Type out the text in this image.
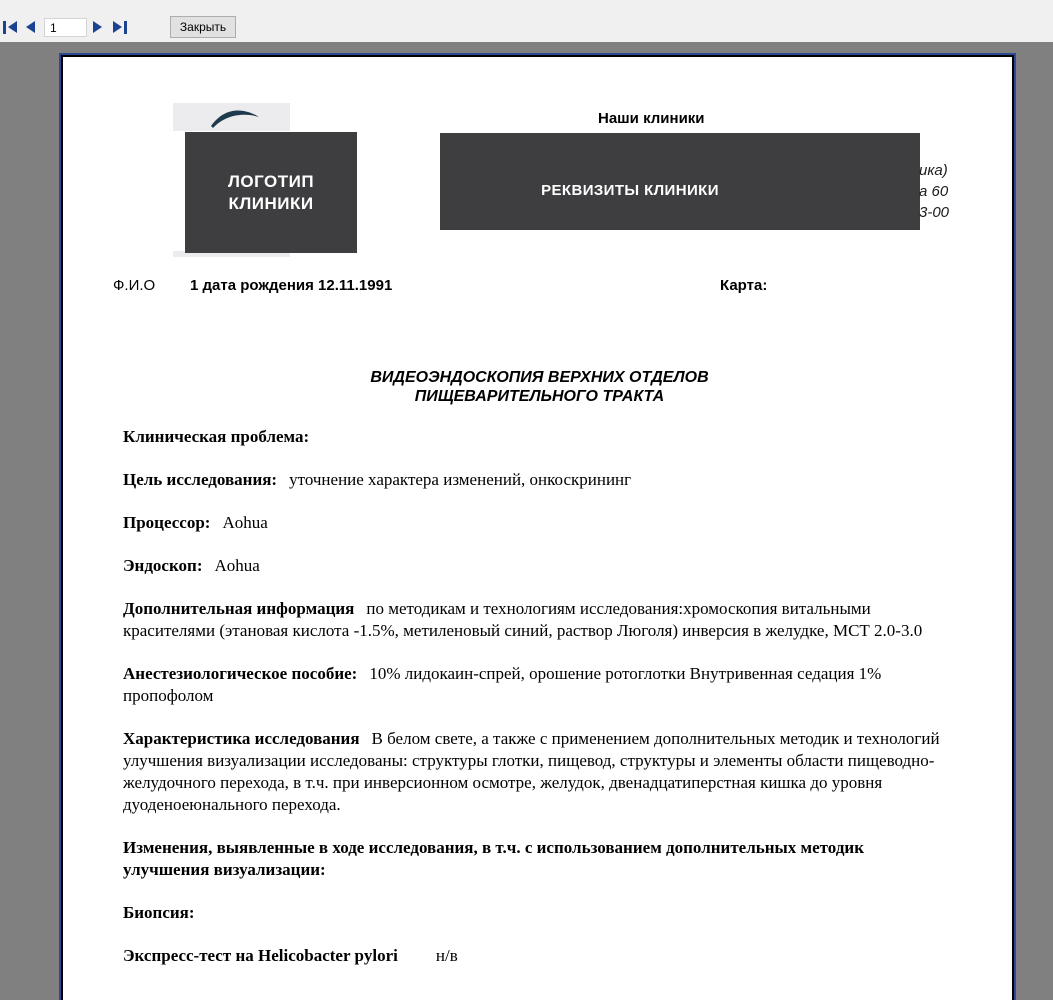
1
Закрыть
Наши клиники
ЛОГОТИП
КЛИНИКИ
РЕКВИЗИТЫ КЛИНИКИ
ика)
а 60
3-00
Ф.И.О 1 дата рождения 12.11.1991	Карта:
ВИДЕОЭНДОСКОПИЯ ВЕРХНИХ ОТДЕЛОВ
ПИЩЕВАРИТЕЛЬНОГО ТРАКТА

Клиническая проблема:

Цель исследования: уточнение характера изменений, онкоскрининг

Процессор: Aohua

Эндоскоп: Aohua

Дополнительная информация по методикам и технологиям исследования:хромоскопия витальными красителями (этановая кислота -1.5%, метиленовый синий, раствор Люголя) инверсия в желудке, МСТ 2.0-3.0

Анестезиологическое пособие: 10% лидокаин-спрей, орошение ротоглотки Внутривенная седация 1% пропофолом

Характеристика исследования В белом свете, а также с применением дополнительных методик и технологий улучшения визуализации исследованы: структуры глотки, пищевод, структуры и элементы области пищеводно-желудочного перехода, в т.ч. при инверсионном осмотре, желудок, двенадцатиперстная кишка до уровня дуоденоеюнального перехода.

Изменения, выявленные в ходе исследования, в т.ч. с использованием дополнительных методик улучшения визуализации:

Биопсия:

Экспресс-тест на Helicobacter pylori н/в
